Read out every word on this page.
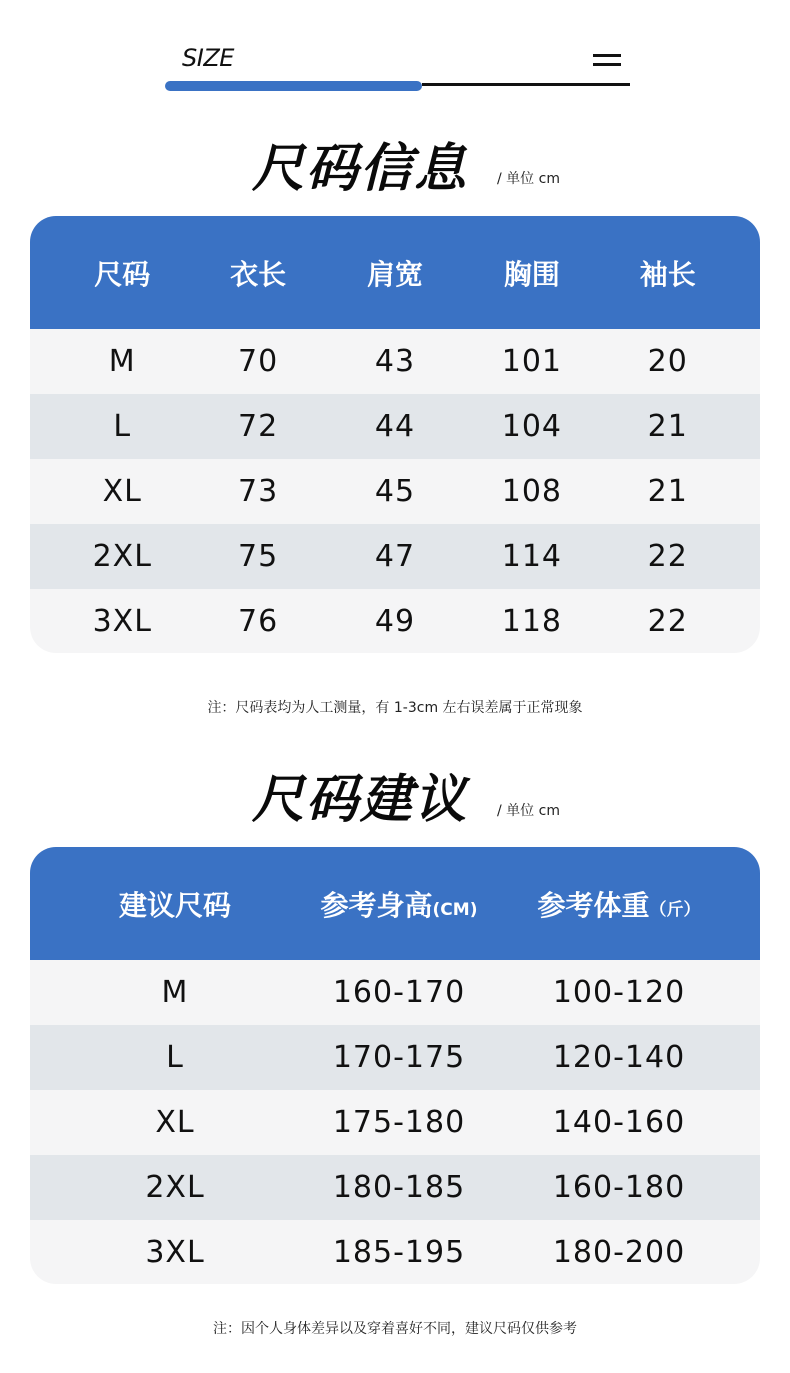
SIZE
尺码信息 / 单位 cm
尺码	衣长	肩宽	胸围	袖长
M	70	43	101	20
L	72	44	104	21
XL	73	45	108	21
2XL	75	47	114	22
3XL	76	49	118	22
注：尺码表均为人工测量，有 1-3cm 左右误差属于正常现象
尺码建议 / 单位 cm
建议尺码	参考身高(CM)	参考体重（斤）
M	160-170	100-120
L	170-175	120-140
XL	175-180	140-160
2XL	180-185	160-180
3XL	185-195	180-200
注：因个人身体差异以及穿着喜好不同，建议尺码仅供参考
